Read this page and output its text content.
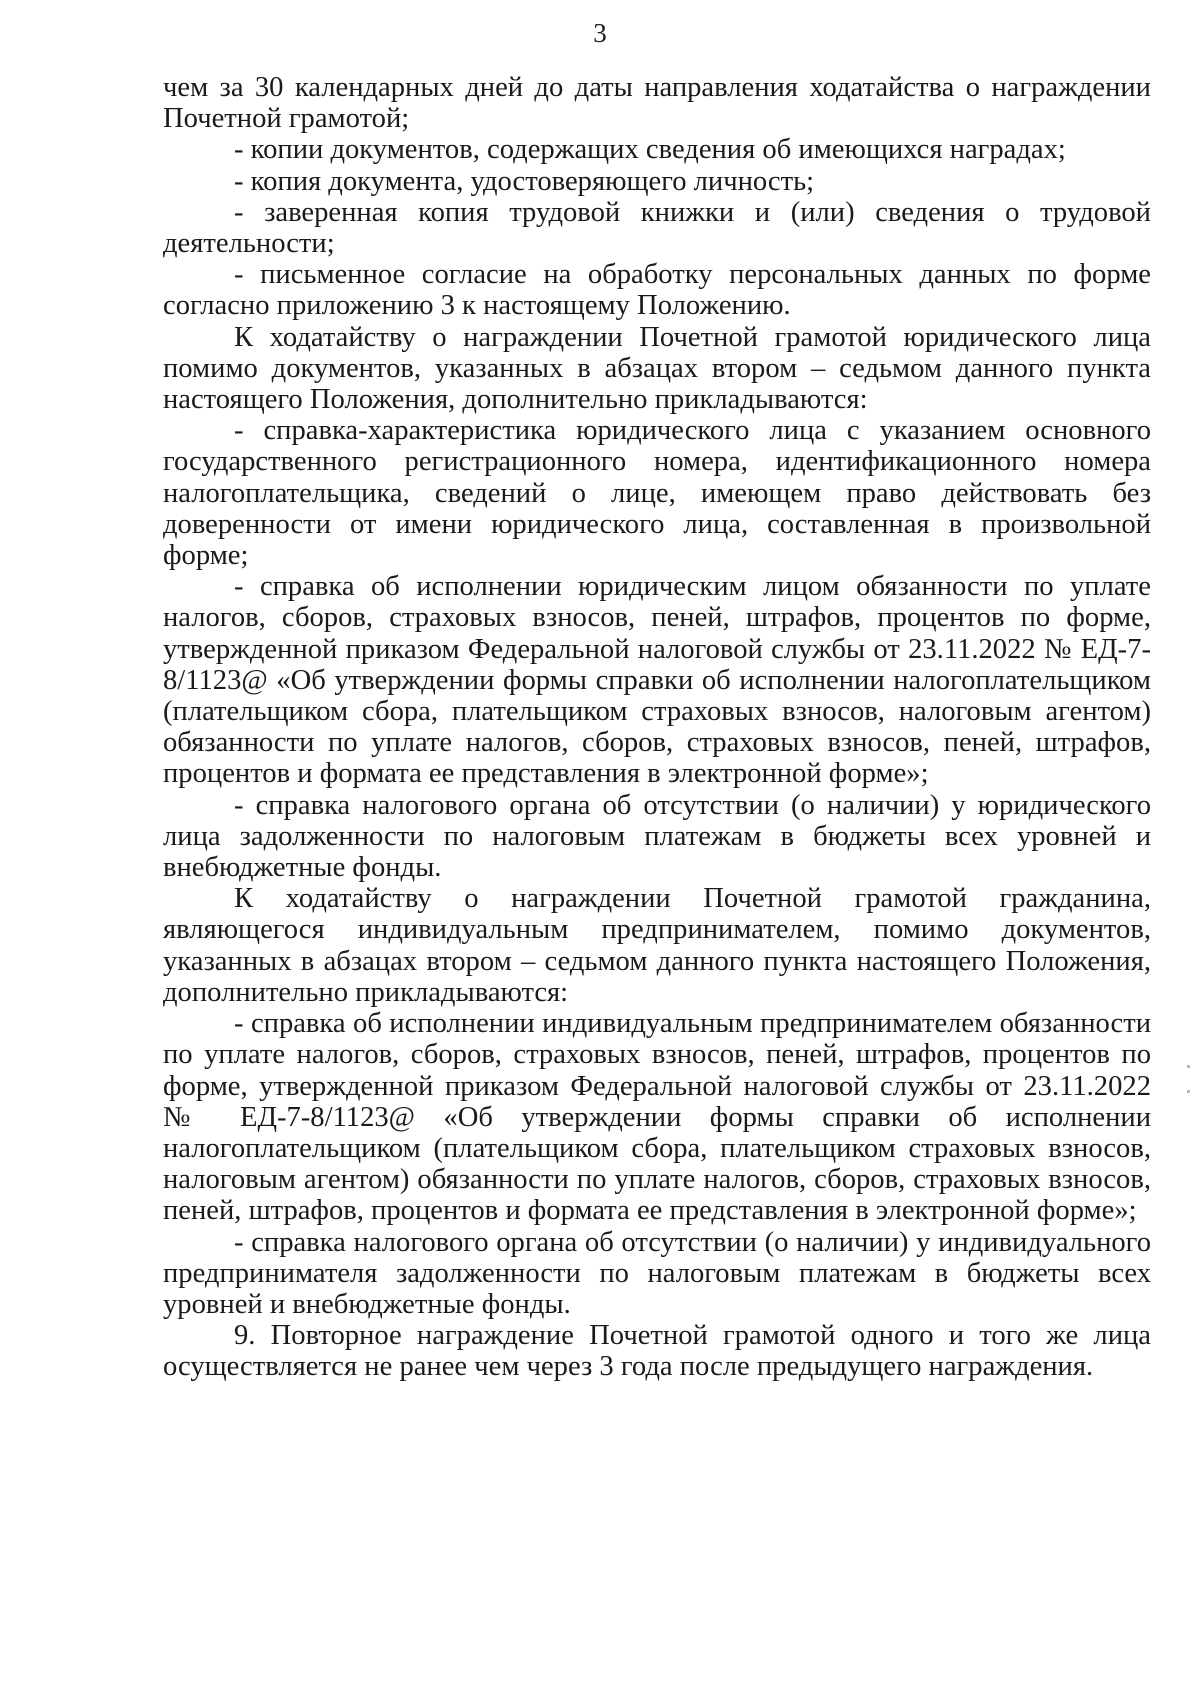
3

чем за 30 календарных дней до даты направления ходатайства о награждении Почетной грамотой;

- копии документов, содержащих сведения об имеющихся наградах;

- копия документа, удостоверяющего личность;

- заверенная копия трудовой книжки и (или) сведения о трудовой деятельности;

- письменное согласие на обработку персональных данных по форме согласно приложению 3 к настоящему Положению.

К ходатайству о награждении Почетной грамотой юридического лица помимо документов, указанных в абзацах втором – седьмом данного пункта настоящего Положения, дополнительно прикладываются:

- справка-характеристика юридического лица с указанием основного государственного регистрационного номера, идентификационного номера налогоплательщика, сведений о лице, имеющем право действовать без доверенности от имени юридического лица, составленная в произвольной форме;

- справка об исполнении юридическим лицом обязанности по уплате налогов, сборов, страховых взносов, пеней, штрафов, процентов по форме, утвержденной приказом Федеральной налоговой службы от 23.11.2022 № ЕД-7-8/1123@ «Об утверждении формы справки об исполнении налогоплательщиком (плательщиком сбора, плательщиком страховых взносов, налоговым агентом) обязанности по уплате налогов, сборов, страховых взносов, пеней, штрафов, процентов и формата ее представления в электронной форме»;

- справка налогового органа об отсутствии (о наличии) у юридического лица задолженности по налоговым платежам в бюджеты всех уровней и внебюджетные фонды.

К ходатайству о награждении Почетной грамотой гражданина, являющегося индивидуальным предпринимателем, помимо документов, указанных в абзацах втором – седьмом данного пункта настоящего Положения, дополнительно прикладываются:

- справка об исполнении индивидуальным предпринимателем обязанности по уплате налогов, сборов, страховых взносов, пеней, штрафов, процентов по форме, утвержденной приказом Федеральной налоговой службы от 23.11.2022 № ЕД-7-8/1123@ «Об утверждении формы справки об исполнении налогоплательщиком (плательщиком сбора, плательщиком страховых взносов, налоговым агентом) обязанности по уплате налогов, сборов, страховых взносов, пеней, штрафов, процентов и формата ее представления в электронной форме»;

- справка налогового органа об отсутствии (о наличии) у индивидуального предпринимателя задолженности по налоговым платежам в бюджеты всех уровней и внебюджетные фонды.

9. Повторное награждение Почетной грамотой одного и того же лица осуществляется не ранее чем через 3 года после предыдущего награждения.
